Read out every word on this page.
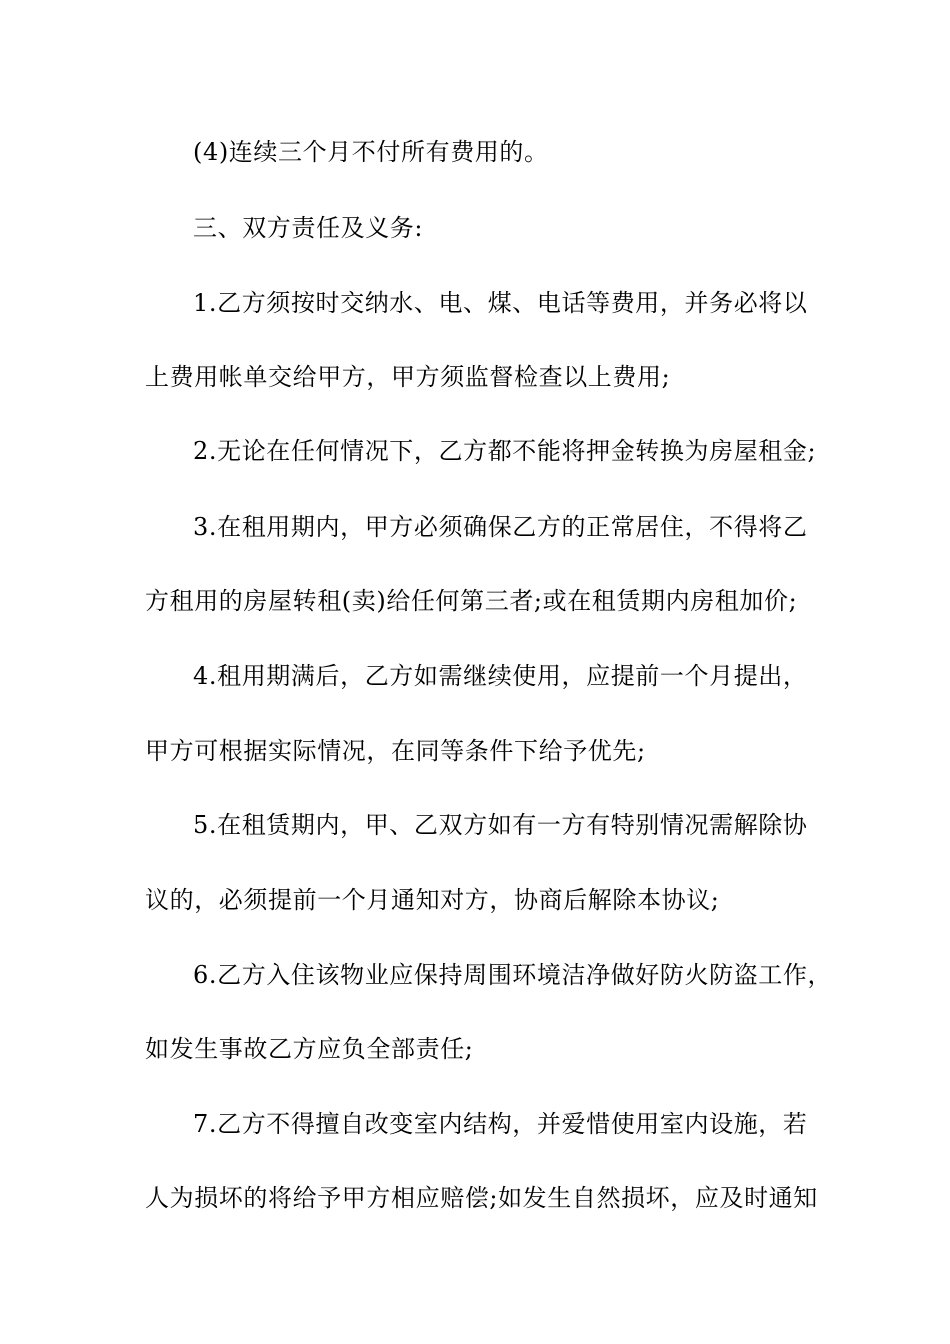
(4)连续三个月不付所有费用的。
三、双方责任及义务:
1.乙方须按时交纳水、电、煤、电话等费用，并务必将以
上费用帐单交给甲方，甲方须监督检查以上费用;
2.无论在任何情况下，乙方都不能将押金转换为房屋租金;
3.在租用期内，甲方必须确保乙方的正常居住，不得将乙
方租用的房屋转租(卖)给任何第三者;或在租赁期内房租加价;
4.租用期满后，乙方如需继续使用，应提前一个月提出，
甲方可根据实际情况，在同等条件下给予优先;
5.在租赁期内，甲、乙双方如有一方有特别情况需解除协
议的，必须提前一个月通知对方，协商后解除本协议;
6.乙方入住该物业应保持周围环境洁净做好防火防盗工作，
如发生事故乙方应负全部责任;
7.乙方不得擅自改变室内结构，并爱惜使用室内设施，若
人为损坏的将给予甲方相应赔偿;如发生自然损坏，应及时通知
